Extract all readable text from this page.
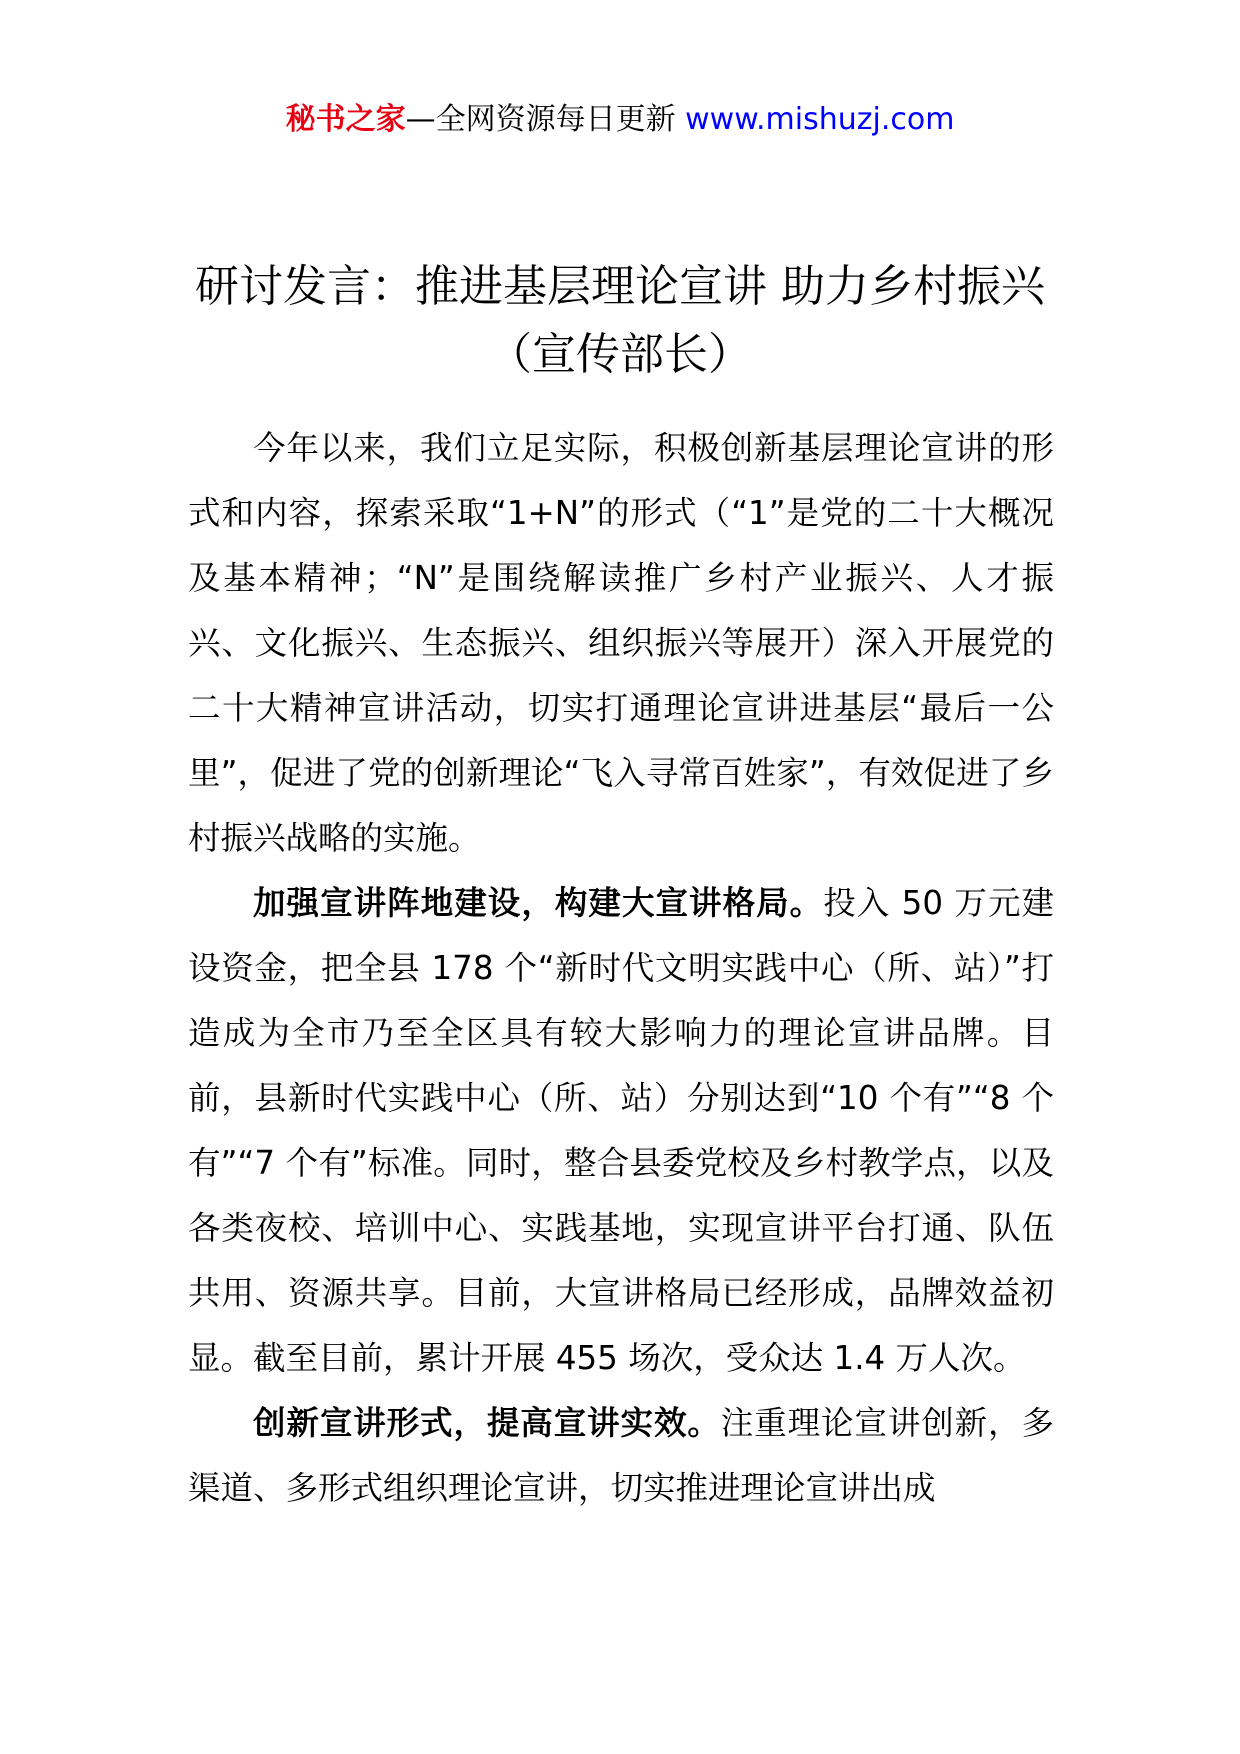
秘书之家—全网资源每日更新 www.mishuzj.com
研讨发言：推进基层理论宣讲 助力乡村振兴
（宣传部长）

今年以来，我们立足实际，积极创新基层理论宣讲的形式和内容，探索采取“1+N”的形式（“1”是党的二十大概况及基本精神；“N”是围绕解读推广乡村产业振兴、人才振兴、文化振兴、生态振兴、组织振兴等展开）深入开展党的二十大精神宣讲活动，切实打通理论宣讲进基层“最后一公里”，促进了党的创新理论“飞入寻常百姓家”，有效促进了乡村振兴战略的实施。

加强宣讲阵地建设，构建大宣讲格局。投入 50 万元建设资金，把全县 178 个“新时代文明实践中心（所、站）”打造成为全市乃至全区具有较大影响力的理论宣讲品牌。目前，县新时代实践中心（所、站）分别达到“10 个有”“8 个有”“7 个有”标准。同时，整合县委党校及乡村教学点，以及各类夜校、培训中心、实践基地，实现宣讲平台打通、队伍共用、资源共享。目前，大宣讲格局已经形成，品牌效益初显。截至目前，累计开展 455 场次，受众达 1.4 万人次。

创新宣讲形式，提高宣讲实效。注重理论宣讲创新，多渠道、多形式组织理论宣讲，切实推进理论宣讲出成
